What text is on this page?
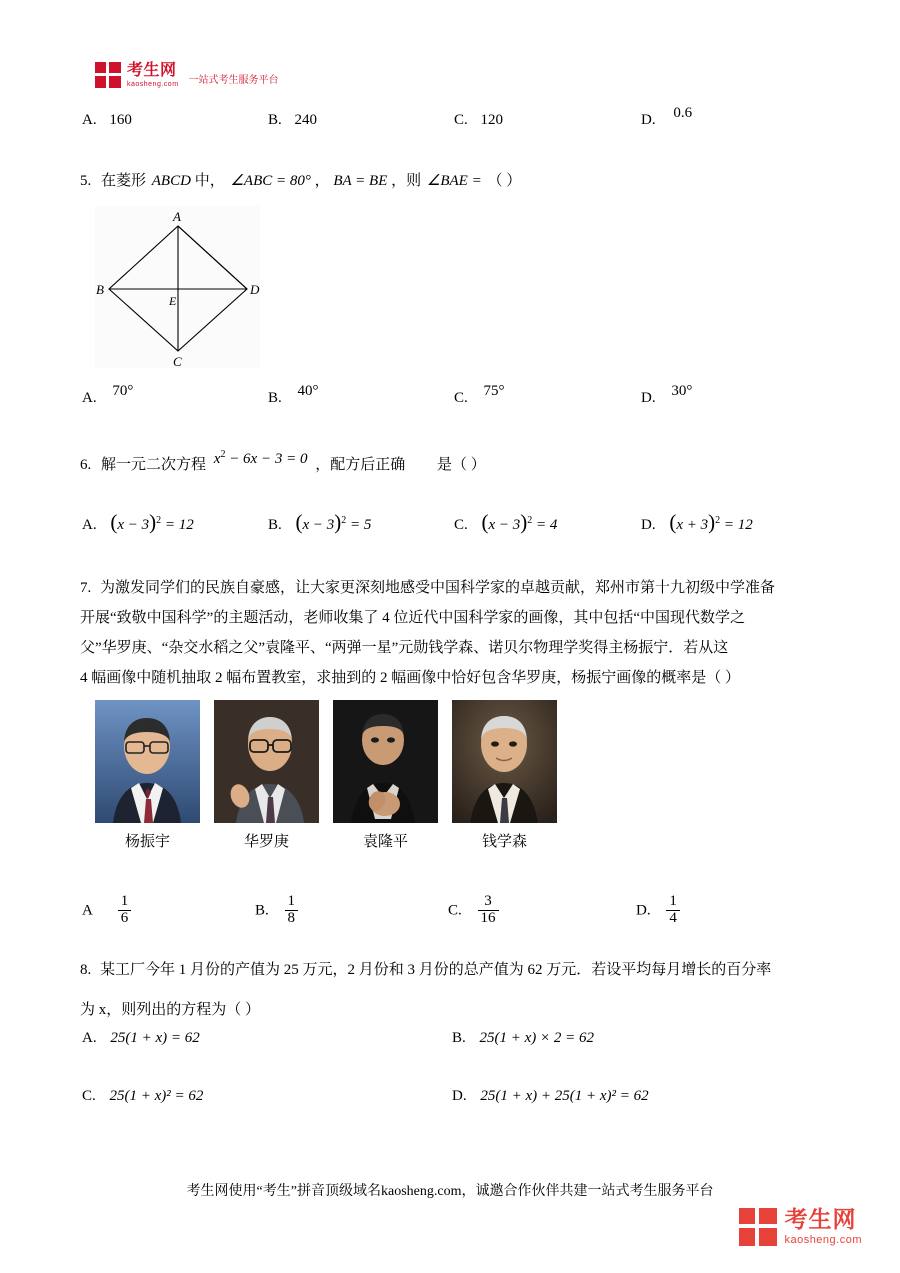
考生网
kaosheng.com 一站式考生服务平台
A. 160	B. 240	C. 120	D. 0.6
5. 在菱形 ABCD 中， ∠ABC = 80° ， BA = BE ，则 ∠BAE = （ ）
A
B
C
D
E
A. 70°	B. 40°	C. 75°	D. 30°
6. 解一元二次方程 $x^2 - 6x - 3 = 0$ ，配方后正确 是（ ）
A. $(x - 3)^2 = 12$	B. $(x - 3)^2 = 5$	C. $(x - 3)^2 = 4$	D. $(x + 3)^2 = 12$
7. 为激发同学们的民族自豪感，让大家更深刻地感受中国科学家的卓越贡献，郑州市第十九初级中学准备
开展“致敬中国科学”的主题活动，老师收集了 4 位近代中国科学家的画像，其中包括“中国现代数学之
父”华罗庚、“杂交水稻之父”袁隆平、“两弹一星”元勋钱学森、诺贝尔物理学奖得主杨振宁．若从这
4 幅画像中随机抽取 2 幅布置教室，求抽到的 2 幅画像中恰好包含华罗庚，杨振宁画像的概率是（ ）
杨振宇	华罗庚	袁隆平	钱学森
A $\frac{1}{6}$	B. $\frac{1}{8}$	C. $\frac{3}{16}$	D. $\frac{1}{4}$
8. 某工厂今年 1 月份的产值为 25 万元，2 月份和 3 月份的总产值为 62 万元．若设平均每月增长的百分率
为 x，则列出的方程为（ ）
A. 25(1 + x) = 62	B. 25(1 + x) × 2 = 62
C. 25(1 + x)² = 62	D. 25(1 + x) + 25(1 + x)² = 62
考生网使用“考生”拼音顶级域名kaosheng.com，诚邀合作伙伴共建一站式考生服务平台
考生网
kaosheng.com
